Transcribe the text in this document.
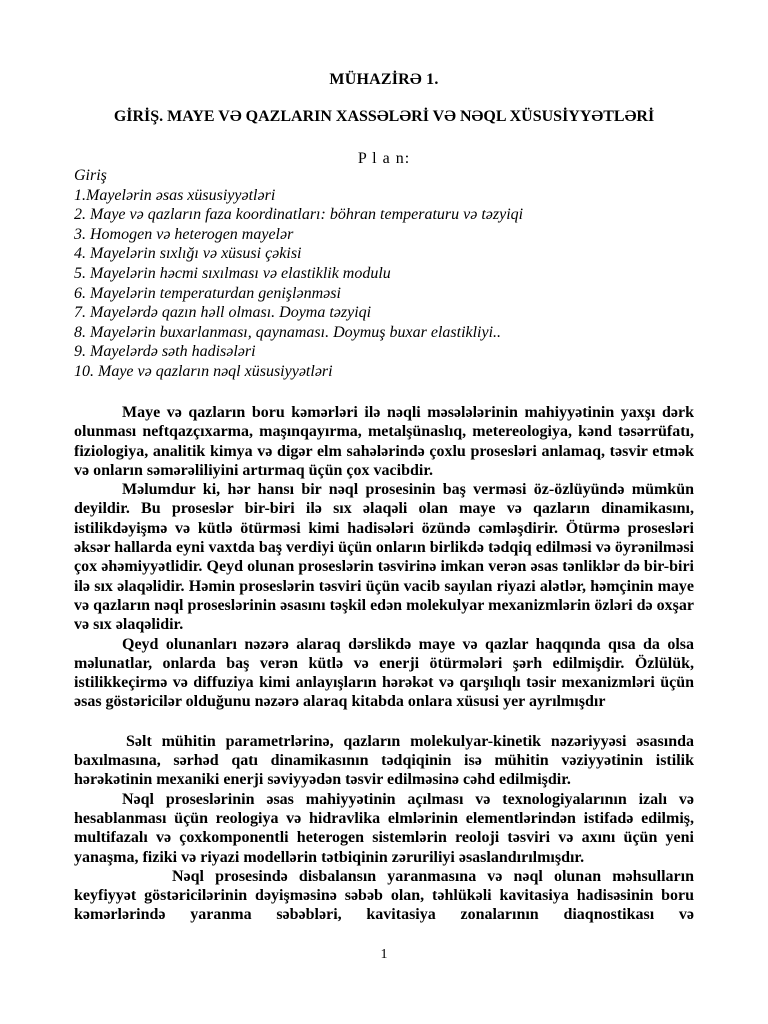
MÜHAZİRƏ 1.
GİRİŞ. MAYE VƏ QAZLARIN XASSƏLƏRİ VƏ NƏQL XÜSUSİYYƏTLƏRİ
P l a n:
Giriş
1.Mayelərin əsas xüsusiyyətləri
2. Maye və qazların faza koordinatları: böhran temperaturu və təzyiqi
3. Homogen və heterogen mayelər
4. Mayelərin sıxlığı və xüsusi çəkisi
5. Mayelərin həcmi sıxılması və elastiklik modulu
6. Mayelərin temperaturdan genişlənməsi
7. Mayelərdə qazın həll olması. Doyma təzyiqi
8. Mayelərin buxarlanması, qaynaması. Doymuş buxar elastikliyi..
9. Mayelərdə səth hadisələri
10. Maye və qazların nəql xüsusiyyətləri

Maye və qazların boru kəmərləri ilə nəqli məsələlərinin mahiyyətinin yaxşı dərk olunması neftqazçıxarma, maşınqayırma, metalşünaslıq, metereologiya, kənd təsərrüfatı, fiziologiya, analitik kimya və digər elm sahələrində çoxlu prosesləri anlamaq, təsvir etmək və onların səmərəliliyini artırmaq üçün çox vacibdir.

Məlumdur ki, hər hansı bir nəql prosesinin baş verməsi öz-özlüyündə mümkün deyildir. Bu proseslər bir-biri ilə sıx əlaqəli olan maye və qazların dinamikasını, istilikdəyişmə və kütlə ötürməsi kimi hadisələri özündə cəmləşdirir. Ötürmə prosesləri əksər hallarda eyni vaxtda baş verdiyi üçün onların birlikdə tədqiq edilməsi və öyrənilməsi çox əhəmiyyətlidir. Qeyd olunan proseslərin təsvirinə imkan verən əsas tənliklər də bir-biri ilə sıx əlaqəlidir. Həmin proseslərin təsviri üçün vacib sayılan riyazi alətlər, həmçinin maye və qazların nəql proseslərinin əsasını təşkil edən molekulyar mexanizmlərin özləri də oxşar və sıx əlaqəlidir.

Qeyd olunanları nəzərə alaraq dərslikdə maye və qazlar haqqında qısa da olsa məlunatlar, onlarda baş verən kütlə və enerji ötürmələri şərh edilmişdir. Özlülük, istilikkeçirmə və diffuziya kimi anlayışların hərəkət və qarşılıqlı təsir mexanizmləri üçün əsas göstəricilər olduğunu nəzərə alaraq kitabda onlara xüsusi yer ayrılmışdır

Səlt mühitin parametrlərinə, qazların molekulyar-kinetik nəzəriyyəsi əsasında baxılmasına, sərhəd qatı dinamikasının tədqiqinin isə mühitin vəziyyətinin istilik hərəkətinin mexaniki enerji səviyyədən təsvir edilməsinə cəhd edilmişdir.

Nəql proseslərinin əsas mahiyyətinin açılması və texnologiyalarının izalı və hesablanması üçün reologiya və hidravlika elmlərinin elementlərindən istifadə edilmiş, multifazalı və çoxkomponentli heterogen sistemlərin reoloji təsviri və axını üçün yeni yanaşma, fiziki və riyazi modellərin tətbiqinin zəruriliyi əsaslandırılmışdır.

Nəql prosesində disbalansın yaranmasına və nəql olunan məhsulların keyfiyyət göstəricilərinin dəyişməsinə səbəb olan, təhlükəli kavitasiya hadisəsinin boru kəmərlərində yaranma səbəbləri, kavitasiya zonalarının diaqnostikası və

1
